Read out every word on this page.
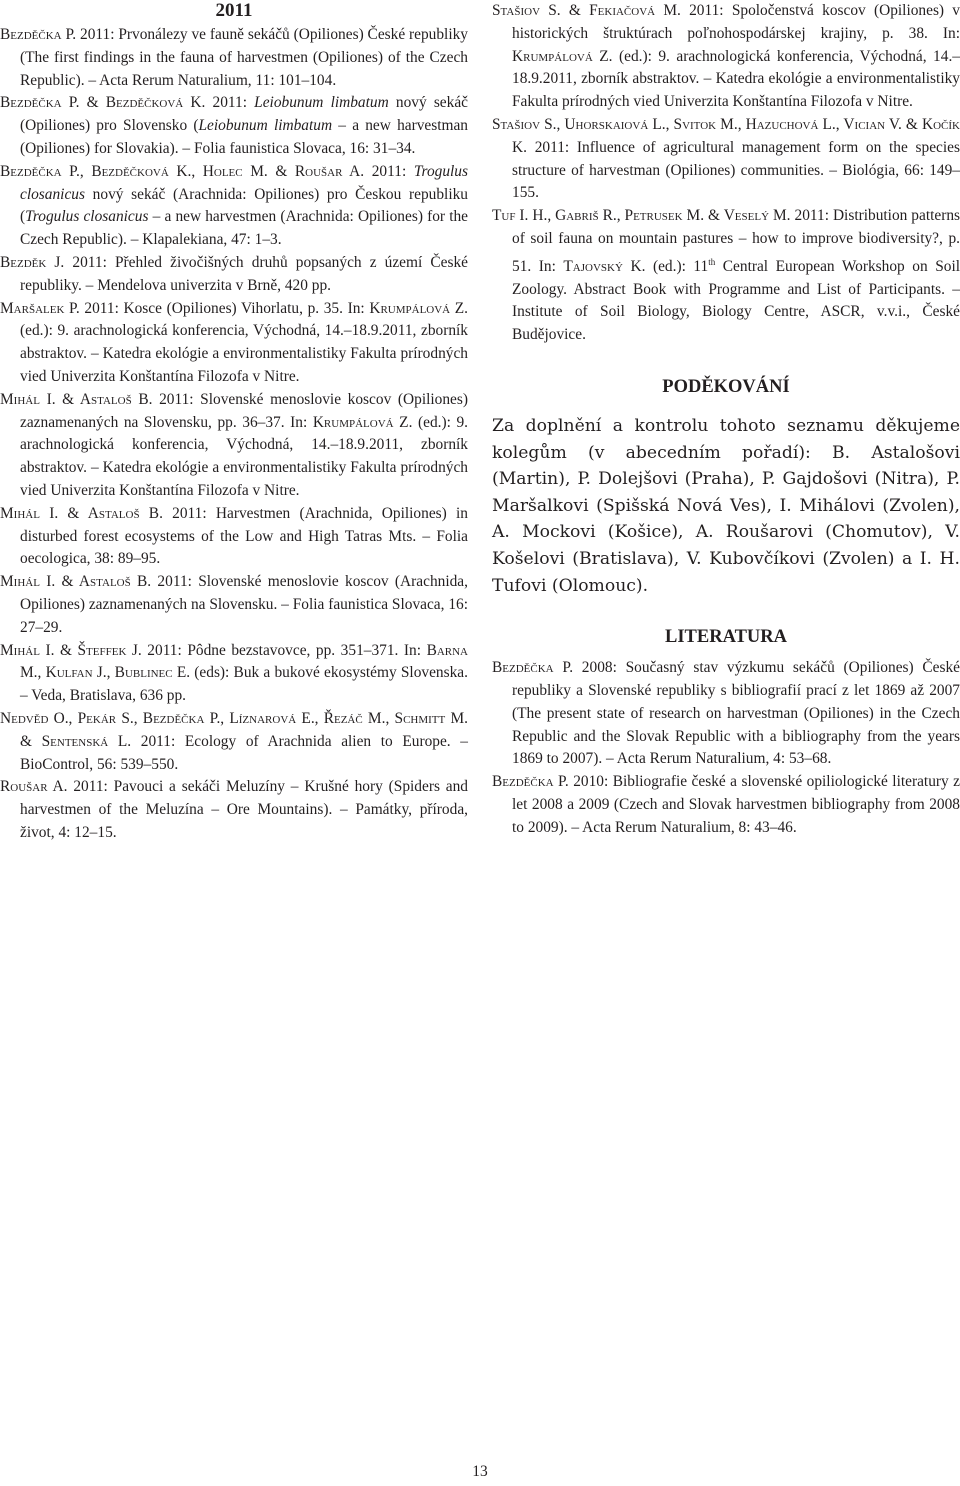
2011

Bezděčka P. 2011: Prvonálezy ve fauně sekáčů (Opiliones) České republiky (The first findings in the fauna of harvestmen (Opiliones) of the Czech Republic). – Acta Rerum Naturalium, 11: 101–104.

Bezděčka P. & Bezděčková K. 2011: Leiobunum limbatum nový sekáč (Opiliones) pro Slovensko (Leiobunum limbatum – a new harvestman (Opiliones) for Slovakia). – Folia faunistica Slovaca, 16: 31–34.

Bezděčka P., Bezděčková K., Holec M. & Roušar A. 2011: Trogulus closanicus nový sekáč (Arachnida: Opiliones) pro Českou republiku (Trogulus closanicus – a new harvestmen (Arachnida: Opiliones) for the Czech Republic). – Klapalekiana, 47: 1–3.

Bezděk J. 2011: Přehled živočišných druhů popsaných z území České republiky. – Mendelova univerzita v Brně, 420 pp.

Maršalek P. 2011: Kosce (Opiliones) Vihorlatu, p. 35. In: Krumpálová Z. (ed.): 9. arachnologická konferencia, Východná, 14.–18.9.2011, zborník abstraktov. – Katedra ekológie a environmentalistiky Fakulta prírodných vied Univerzita Konštantína Filozofa v Nitre.

Mihál I. & Astaloš B. 2011: Slovenské menoslovie koscov (Opiliones) zaznamenaných na Slovensku, pp. 36–37. In: Krumpálová Z. (ed.): 9. arachnologická konferencia, Východná, 14.–18.9.2011, zborník abstraktov. – Katedra ekológie a environmentalistiky Fakulta prírodných vied Univerzita Konštantína Filozofa v Nitre.

Mihál I. & Astaloš B. 2011: Harvestmen (Arachnida, Opiliones) in disturbed forest ecosystems of the Low and High Tatras Mts. – Folia oecologica, 38: 89–95.

Mihál I. & Astaloš B. 2011: Slovenské menoslovie koscov (Arachnida, Opiliones) zaznamenaných na Slovensku. – Folia faunistica Slovaca, 16: 27–29.

Mihál I. & Šteffek J. 2011: Pôdne bezstavovce, pp. 351–371. In: Barna M., Kulfan J., Bublinec E. (eds): Buk a bukové ekosystémy Slovenska. – Veda, Bratislava, 636 pp.

Nedvěd O., Pekár S., Bezděčka P., Líznarová E., Řezáč M., Schmitt M. & Sentenská L. 2011: Ecology of Arachnida alien to Europe. – BioControl, 56: 539–550.

Roušar A. 2011: Pavouci a sekáči Meluzíny – Krušné hory (Spiders and harvestmen of the Meluzína – Ore Mountains). – Památky, příroda, život, 4: 12–15.

Stašiov S. & Fekiačová M. 2011: Spoločenstvá koscov (Opiliones) v historických štruktúrach poľnohospodárskej krajiny, p. 38. In: Krumpálová Z. (ed.): 9. arachnologická konferencia, Východná, 14.–18.9.2011, zborník abstraktov. – Katedra ekológie a environmentalistiky Fakulta prírodných vied Univerzita Konštantína Filozofa v Nitre.

Stašiov S., Uhorskaiová L., Svitok M., Hazuchová L., Vician V. & Kočík K. 2011: Influence of agricultural management form on the species structure of harvestman (Opiliones) communities. – Biológia, 66: 149–155.

Tuf I. H., Gabriš R., Petrusek M. & Veselý M. 2011: Distribution patterns of soil fauna on mountain pastures – how to improve biodiversity?, p. 51. In: Tajovský K. (ed.): 11th Central European Workshop on Soil Zoology. Abstract Book with Programme and List of Participants. – Institute of Soil Biology, Biology Centre, ASCR, v.v.i., České Budějovice.

PODĚKOVÁNÍ

Za doplnění a kontrolu tohoto seznamu děkujeme kolegům (v abecedním pořadí): B. Astalošovi (Martin), P. Dolejšovi (Praha), P. Gajdošovi (Nitra), P. Maršalkovi (Spišská Nová Ves), I. Mihálovi (Zvolen), A. Mockovi (Košice), A. Roušarovi (Chomutov), V. Košelovi (Bratislava), V. Kubovčíkovi (Zvolen) a I. H. Tufovi (Olomouc).

LITERATURA

Bezděčka P. 2008: Současný stav výzkumu sekáčů (Opiliones) České republiky a Slovenské republiky s bibliografií prací z let 1869 až 2007 (The present state of research on harvestman (Opiliones) in the Czech Republic and the Slovak Republic with a bibliography from the years 1869 to 2007). – Acta Rerum Naturalium, 4: 53–68.

Bezděčka P. 2010: Bibliografie české a slovenské opiliologické literatury z let 2008 a 2009 (Czech and Slovak harvestmen bibliography from 2008 to 2009). – Acta Rerum Naturalium, 8: 43–46.

13
